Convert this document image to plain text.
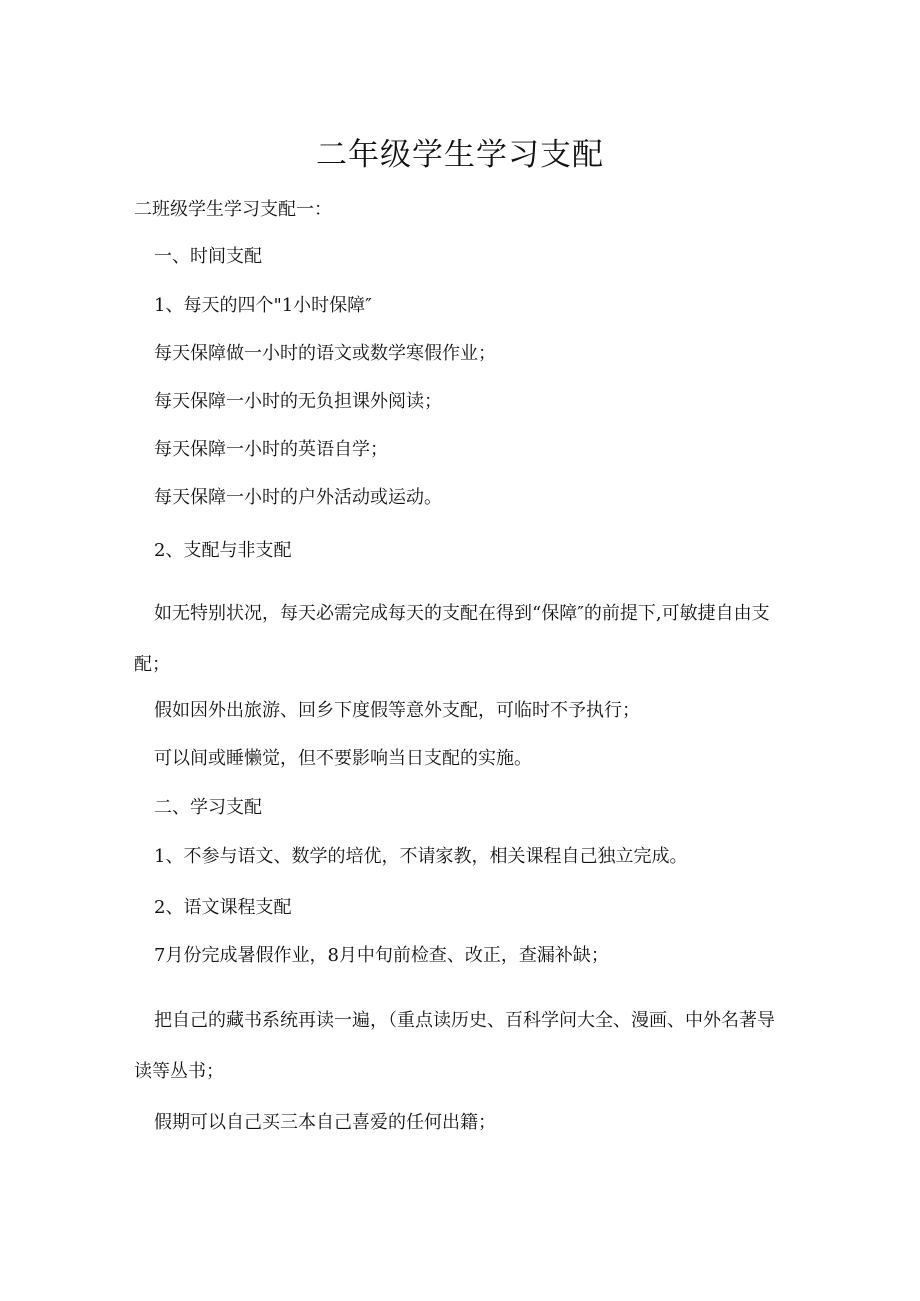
二年级学生学习支配
二班级学生学习支配一：
一、时间支配
1、每天的四个"1小时保障″
每天保障做一小时的语文或数学寒假作业；
每天保障一小时的无负担课外阅读；
每天保障一小时的英语自学；
每天保障一小时的户外活动或运动。
2、支配与非支配
如无特别状况，每天必需完成每天的支配在得到“保障″的前提下,可敏捷自由支配；
假如因外出旅游、回乡下度假等意外支配，可临时不予执行；
可以间或睡懒觉，但不要影响当日支配的实施。
二、学习支配
1、不参与语文、数学的培优，不请家教，相关课程自己独立完成。
2、语文课程支配
7月份完成暑假作业，8月中旬前检查、改正，查漏补缺；
把自己的藏书系统再读一遍，（重点读历史、百科学问大全、漫画、中外名著导读等丛书；
假期可以自己买三本自己喜爱的任何出籍；
